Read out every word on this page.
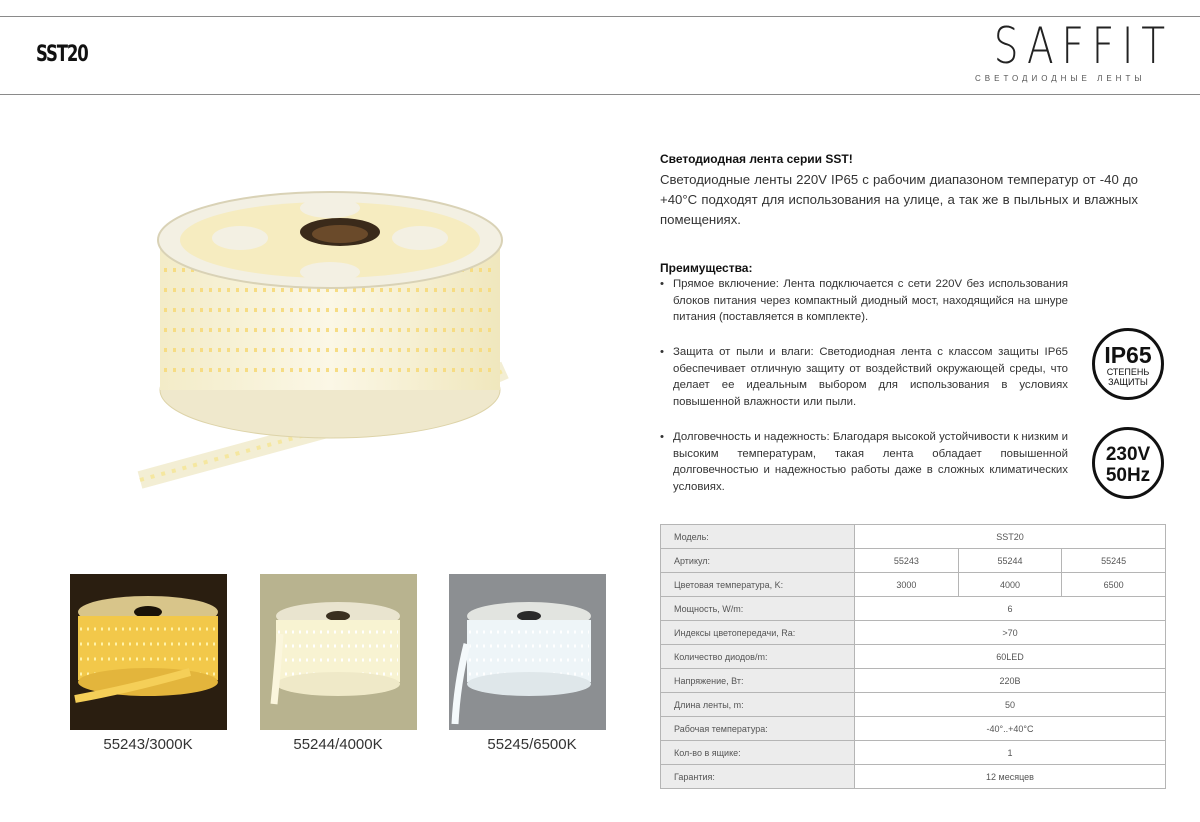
SST20	SAFFIT
СВЕТОДИОДНЫЕ ЛЕНТЫ
55243/3000K	55244/4000K	55245/6500K
Светодиодная лента серии SST!
Светодиодные ленты 220V IP65 с рабочим диапазоном температур от -40 до +40°C подходят для использования на улице, а так же в пыльных и влажных помещениях.
Преимущества:
• Прямое включение: Лента подключается с сети 220V без использования блоков питания через компактный диодный мост, находящийся на шнуре питания (поставляется в комплекте).
• Защита от пыли и влаги: Светодиодная лента с классом защиты IP65 обеспечивает отличную защиту от воздействий окружающей среды, что делает ее идеальным выбором для использования в условиях повышенной влажности или пыли.
• Долговечность и надежность: Благодаря высокой устойчивости к низким и высоким температурам, такая лента обладает повышенной долговечностью и надежностью работы даже в сложных климатических условиях.
IP65
СТЕПЕНЬ
ЗАЩИТЫ
230V
50Hz
Модель:	SST20		
Артикул:	55243	55244	55245
Цветовая температура, K:	3000	4000	6500
Мощность, W/m:	6		
Индексы цветопередачи, Ra:	>70		
Количество диодов/m:	60LED		
Напряжение, Вт:	220В		
Длина ленты, m:	50		
Рабочая температура:	-40°..+40°C		
Кол-во в ящике:	1		
Гарантия:	12 месяцев		
